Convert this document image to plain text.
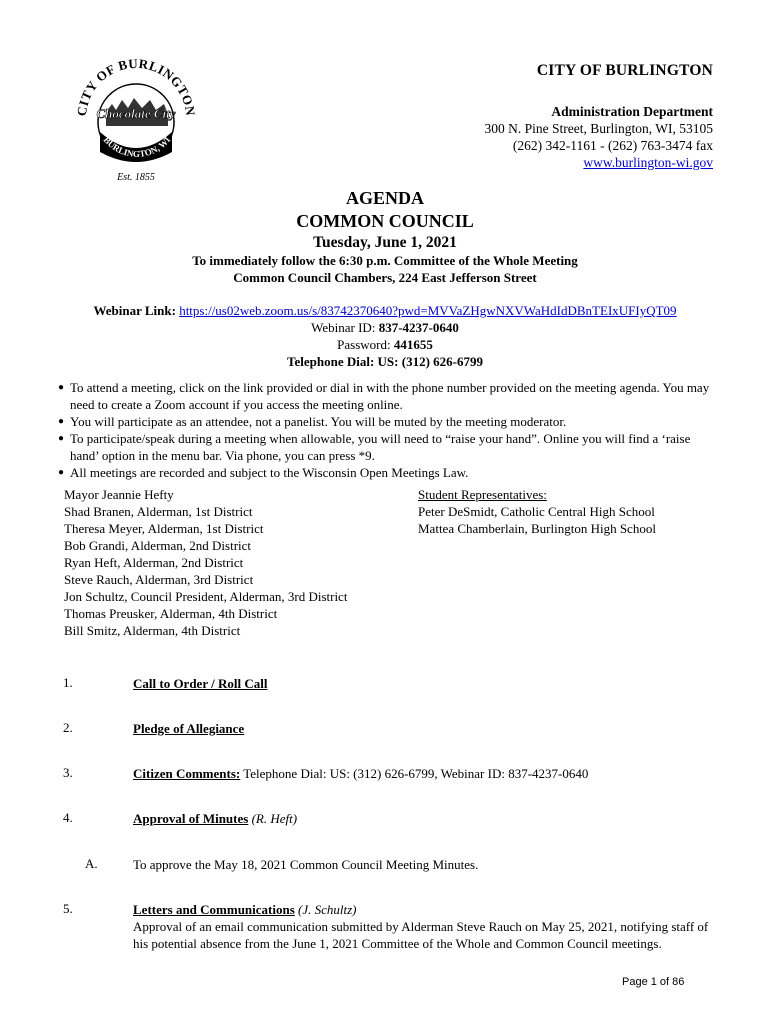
CITY OF BURLINGTON
Chocolate City
BURLINGTON, WI
Est. 1855
CITY OF BURLINGTON
Administration Department
300 N. Pine Street, Burlington, WI, 53105
(262) 342-1161 - (262) 763-3474 fax
www.burlington-wi.gov
AGENDA
COMMON COUNCIL
Tuesday, June 1, 2021
To immediately follow the 6:30 p.m. Committee of the Whole Meeting
Common Council Chambers, 224 East Jefferson Street
Webinar Link: https://us02web.zoom.us/s/83742370640?pwd=MVVaZHgwNXVWaHdIdDBnTEIxUFIyQT09
Webinar ID: 837-4237-0640
Password: 441655
Telephone Dial: US: (312) 626-6799
● To attend a meeting, click on the link provided or dial in with the phone number provided on the meeting agenda. You may need to create a Zoom account if you access the meeting online.
● You will participate as an attendee, not a panelist. You will be muted by the meeting moderator.
● To participate/speak during a meeting when allowable, you will need to “raise your hand”. Online you will find a ‘raise hand’ option in the menu bar. Via phone, you can press *9.
● All meetings are recorded and subject to the Wisconsin Open Meetings Law.
Mayor Jeannie Hefty
Shad Branen, Alderman, 1st District
Theresa Meyer, Alderman, 1st District
Bob Grandi, Alderman, 2nd District
Ryan Heft, Alderman, 2nd District
Steve Rauch, Alderman, 3rd District
Jon Schultz, Council President, Alderman, 3rd District
Thomas Preusker, Alderman, 4th District
Bill Smitz, Alderman, 4th District
Student Representatives:
Peter DeSmidt, Catholic Central High School
Mattea Chamberlain, Burlington High School
1.	Call to Order / Roll Call
2.	Pledge of Allegiance
3.	Citizen Comments: Telephone Dial: US: (312) 626-6799, Webinar ID: 837-4237-0640
4.	Approval of Minutes (R. Heft)
A.	To approve the May 18, 2021 Common Council Meeting Minutes.
5.	Letters and Communications (J. Schultz)
Approval of an email communication submitted by Alderman Steve Rauch on May 25, 2021, notifying staff of his potential absence from the June 1, 2021 Committee of the Whole and Common Council meetings.
Page 1 of 86
